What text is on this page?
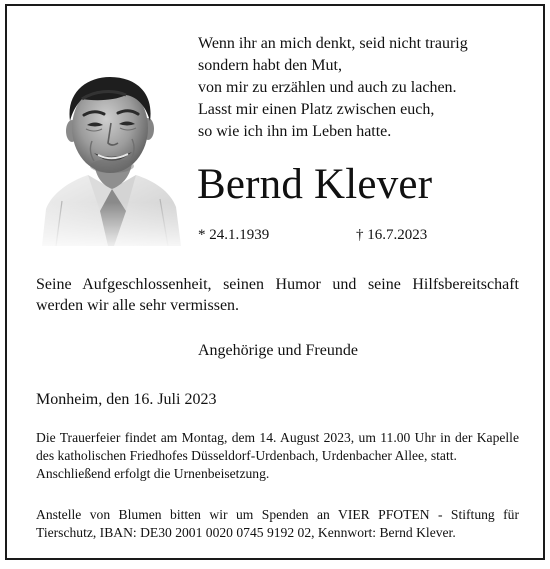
Wenn ihr an mich denkt, seid nicht traurig
sondern habt den Mut,
von mir zu erzählen und auch zu lachen.
Lasst mir einen Platz zwischen euch,
so wie ich ihn im Leben hatte.
Bernd Klever
* 24.1.1939	† 16.7.2023
Seine Aufgeschlossenheit, seinen Humor und seine Hilfsbereitschaft werden wir alle sehr vermissen.
Angehörige und Freunde
Monheim, den 16. Juli 2023

Die Trauerfeier findet am Montag, dem 14. August 2023, um 11.00 Uhr in der Kapelle des katholischen Friedhofes Düsseldorf-Urdenbach, Urdenbacher Allee, statt.

Anschließend erfolgt die Urnenbeisetzung.

Anstelle von Blumen bitten wir um Spenden an VIER PFOTEN - Stiftung für Tierschutz, IBAN: DE30 2001 0020 0745 9192 02, Kennwort: Bernd Klever.
